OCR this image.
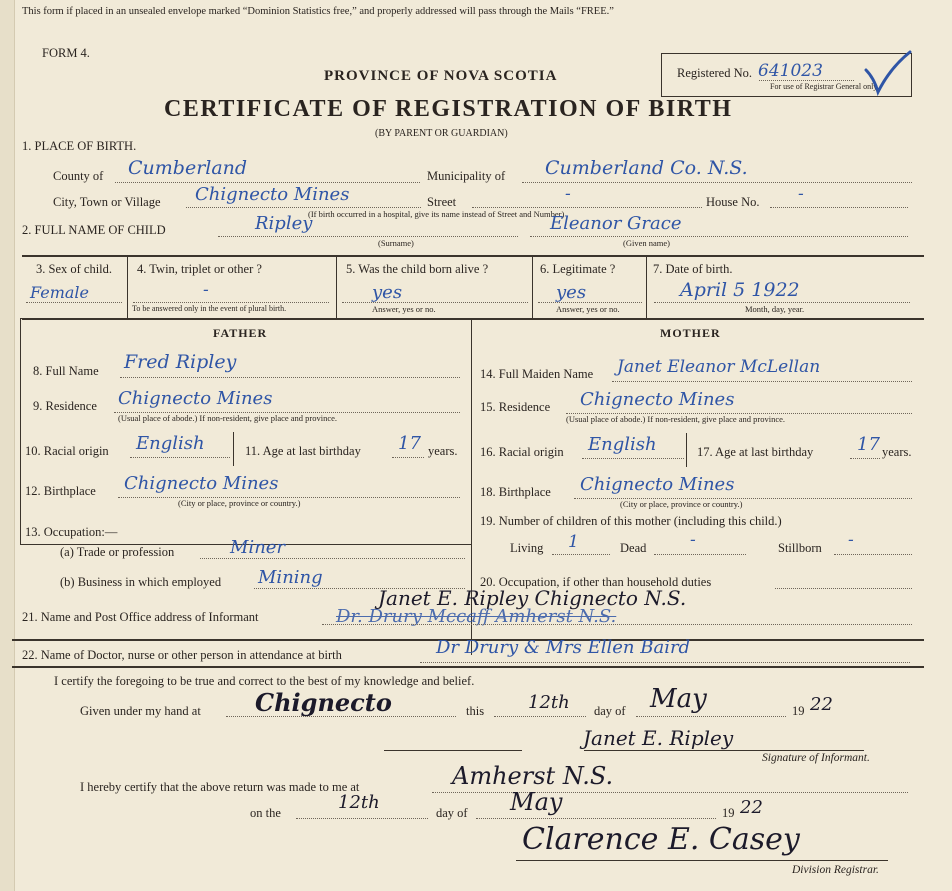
This form if placed in an unsealed envelope marked “Dominion Statistics free,” and properly addressed will pass through the Mails “FREE.”
FORM 4.
PROVINCE OF NOVA SCOTIA
CERTIFICATE OF REGISTRATION OF BIRTH
(BY PARENT OR GUARDIAN)
Registered No. 641023
For use of Registrar General only.
1. PLACE OF BIRTH.
County of Cumberland	Municipality of Cumberland Co. N.S.
City, Town or Village Chignecto Mines	Street	-	House No. -
(If birth occurred in a hospital, give its name instead of Street and Number)
2. FULL NAME OF CHILD	Ripley
(Surname)
Eleanor Grace
(Given name)
3. Sex of child.
Female
4. Twin, triplet or other ?
-
To be answered only in the event of plural birth.
5. Was the child born alive ?
yes
Answer, yes or no.
6. Legitimate ?
yes
Answer, yes or no.
7. Date of birth.
April 5 1922
Month, day, year.
FATHER	MOTHER
8. Full Name Fred Ripley
9. Residence Chignecto Mines
(Usual place of abode.) If non-resident, give place and province.
10. Racial origin English	11. Age at last birthday 17 years.
12. Birthplace Chignecto Mines
(City or place, province or country.)
13. Occupation:—
(a) Trade or profession	Miner
(b) Business in which employed Mining
14. Full Maiden Name Janet Eleanor McLellan
15. Residence Chignecto Mines
(Usual place of abode.) If non-resident, give place and province.
16. Racial origin English	17. Age at last birthday 17 years.
18. Birthplace Chignecto Mines
(City or place, province or country.)
19. Number of children of this mother (including this child.)
Living 1	Dead	-	Stillborn -
20. Occupation, if other than household duties
21. Name and Post Office address of Informant	Dr. Drury Mccaff Amherst N.S.
Janet E. Ripley Chignecto N.S.
22. Name of Doctor, nurse or other person in attendance at birth	Dr Drury & Mrs Ellen Baird
I certify the foregoing to be true and correct to the best of my knowledge and belief.
Given under my hand at Chignecto	this 12th day of May	19 22
Janet E. Ripley
Signature of Informant.
I hereby certify that the above return was made to me at	Amherst N.S.
on the	12th	day of May	19 22
Clarence E. Casey
Division Registrar.
